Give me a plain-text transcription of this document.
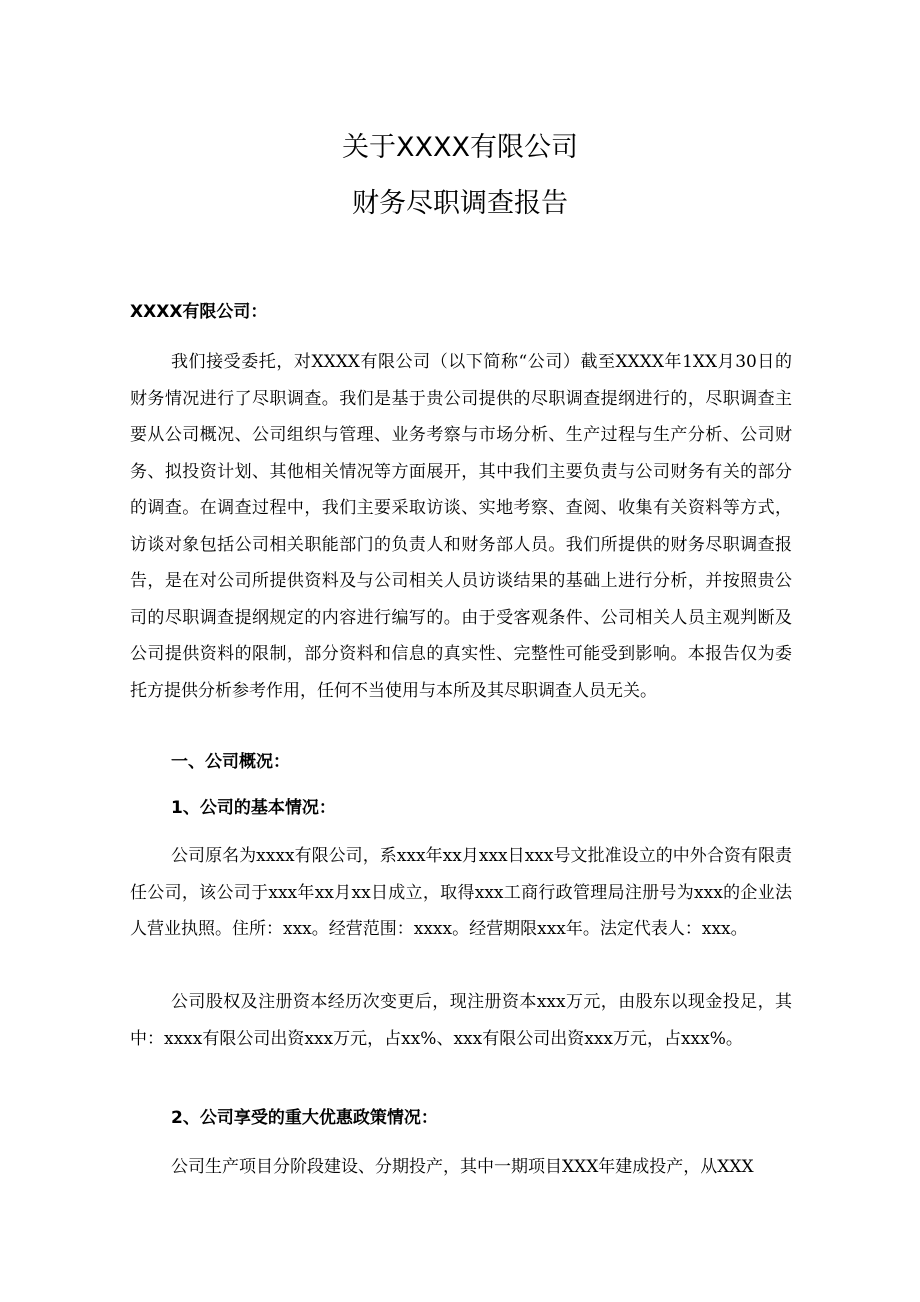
关于XXXX有限公司
财务尽职调查报告
XXXX有限公司：

我们接受委托，对XXXX有限公司（以下简称“公司）截至XXXX年1XX月30日的财务情况进行了尽职调查。我们是基于贵公司提供的尽职调查提纲进行的，尽职调查主要从公司概况、公司组织与管理、业务考察与市场分析、生产过程与生产分析、公司财务、拟投资计划、其他相关情况等方面展开，其中我们主要负责与公司财务有关的部分的调查。在调查过程中，我们主要采取访谈、实地考察、查阅、收集有关资料等方式，访谈对象包括公司相关职能部门的负责人和财务部人员。我们所提供的财务尽职调查报告，是在对公司所提供资料及与公司相关人员访谈结果的基础上进行分析，并按照贵公司的尽职调查提纲规定的内容进行编写的。由于受客观条件、公司相关人员主观判断及公司提供资料的限制，部分资料和信息的真实性、完整性可能受到影响。本报告仅为委托方提供分析参考作用，任何不当使用与本所及其尽职调查人员无关。

一、公司概况：
1、公司的基本情况：

公司原名为xxxx有限公司，系xxx年xx月xxx日xxx号文批准设立的中外合资有限责任公司，该公司于xxx年xx月xx日成立，取得xxx工商行政管理局注册号为xxx的企业法人营业执照。住所：xxx。经营范围：xxxx。经营期限xxx年。法定代表人：xxx。

公司股权及注册资本经历次变更后，现注册资本xxx万元，由股东以现金投足，其中：xxxx有限公司出资xxx万元，占xx%、xxx有限公司出资xxx万元，占xxx%。

2、公司享受的重大优惠政策情况：

公司生产项目分阶段建设、分期投产，其中一期项目XXX年建成投产，从XXX
